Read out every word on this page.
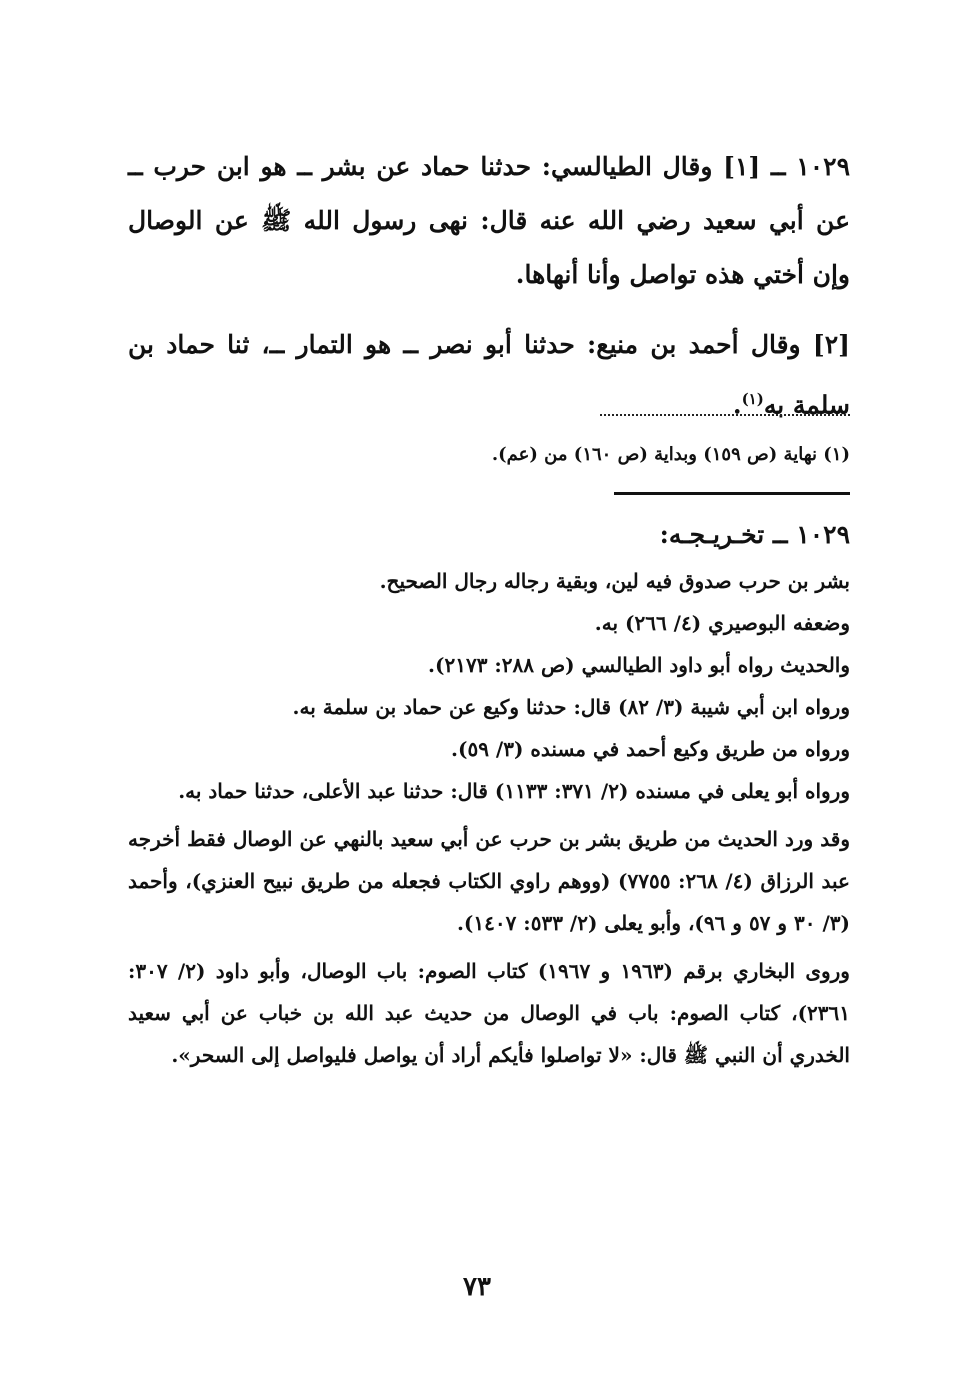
١٠٢٩ ــ [١] وقال الطيالسي: حدثنا حماد عن بشر ــ هو ابن حرب ــ عن أبي سعيد رضي الله عنه قال: نهى رسول الله ﷺ عن الوصال وإن أختي هذه تواصل وأنا أنهاها.

[٢] وقال أحمد بن منيع: حدثنا أبو نصر ــ هو التمار ــ، ثنا حماد بن سلمة به$^{(١)}$.

(١) نهاية (ص ١٥٩) وبداية (ص ١٦٠) من (عم).
١٠٢٩ ــ تخـريـجـه:
بشر بن حرب صدوق فيه لين، وبقية رجاله رجال الصحيح.
وضعفه البوصيري (٤/ ٢٦٦) به.
والحديث رواه أبو داود الطيالسي (ص ٢٨٨: ٢١٧٣).
ورواه ابن أبي شيبة (٣/ ٨٢) قال: حدثنا وكيع عن حماد بن سلمة به.
ورواه من طريق وكيع أحمد في مسنده (٣/ ٥٩).

ورواه أبو يعلى في مسنده (٢/ ٣٧١: ١١٣٣) قال: حدثنا عبد الأعلى، حدثنا حماد به.

وقد ورد الحديث من طريق بشر بن حرب عن أبي سعيد بالنهي عن الوصال فقط أخرجه عبد الرزاق (٤/ ٢٦٨: ٧٧٥٥) (ووهم راوي الكتاب فجعله من طريق نبيح العنزي)، وأحمد (٣/ ٣٠ و ٥٧ و ٩٦)، وأبو يعلى (٢/ ٥٣٣: ١٤٠٧).

وروى البخاري برقم (١٩٦٣ و ١٩٦٧) كتاب الصوم: باب الوصال، وأبو داود (٢/ ٣٠٧: ٢٣٦١)، كتاب الصوم: باب في الوصال من حديث عبد الله بن خباب عن أبي سعيد الخدري أن النبي ﷺ قال: «لا تواصلوا فأيكم أراد أن يواصل فليواصل إلى السحر».

٧٣
